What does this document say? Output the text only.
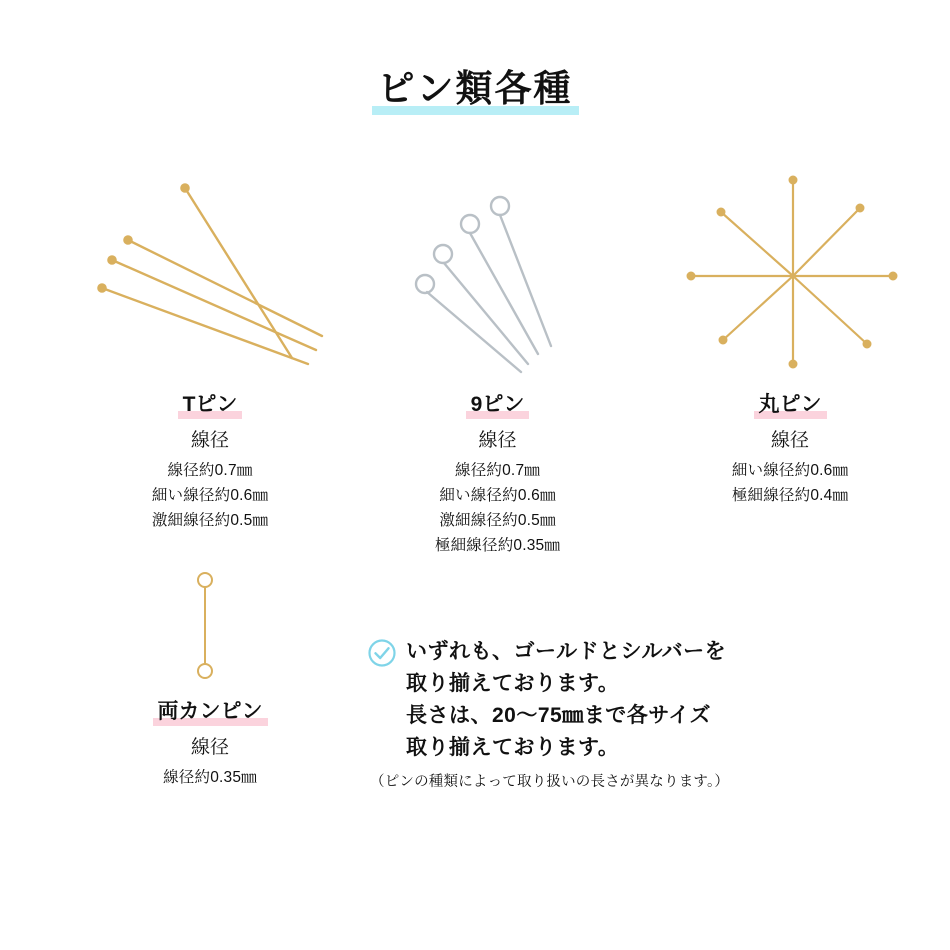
ピン類各種
Tピン
線径
線径約0.7㎜
細い線径約0.6㎜
激細線径約0.5㎜
9ピン
線径
線径約0.7㎜
細い線径約0.6㎜
激細線径約0.5㎜
極細線径約0.35㎜
丸ピン
線径
細い線径約0.6㎜
極細線径約0.4㎜
両カンピン
線径
線径約0.35㎜
いずれも、ゴールドとシルバーを
取り揃えております。
長さは、20〜75㎜まで各サイズ
取り揃えております。
（ピンの種類によって取り扱いの長さが異なります。）
